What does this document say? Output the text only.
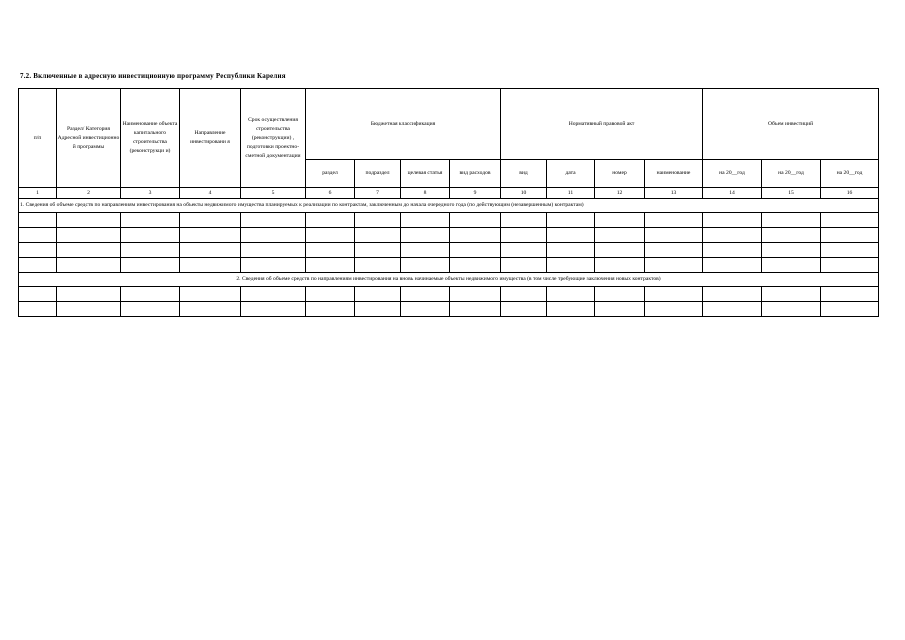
7.2. Включенные в адресную инвестиционную программу Республики Карелия
п/п	Раздел/ Категория Адресной инвестиционно й программы	Наименование объекта капитального строительства (реконструкци и)	Направление инвестировани я	Срок осуществления строительства (реконструкции) , подготовки проектно-сметной документации	Бюджетная классификация				Нормативный правовой акт				Объем инвестиций		
					раздел	подраздел	целевая статья	вид расходов	вид	дата	номер	наименование	на 20__год	на 20__год	на 20__год
1	2	3	4	5	6	7	8	9	10	11	12	13	14	15	16
1. Сведения об объеме средств по направлениям инвестирования на объекты недвижимого имущества планируемых к реализации по контрактам, заключенным до начала очередного года (по действующим (незавершенным) контрактам)															

2. Сведения об объеме средств по направлениям инвестирования на вновь начинаемые объекты недвижимого имущества (в том числе требующие заключения новых контрактов)															
